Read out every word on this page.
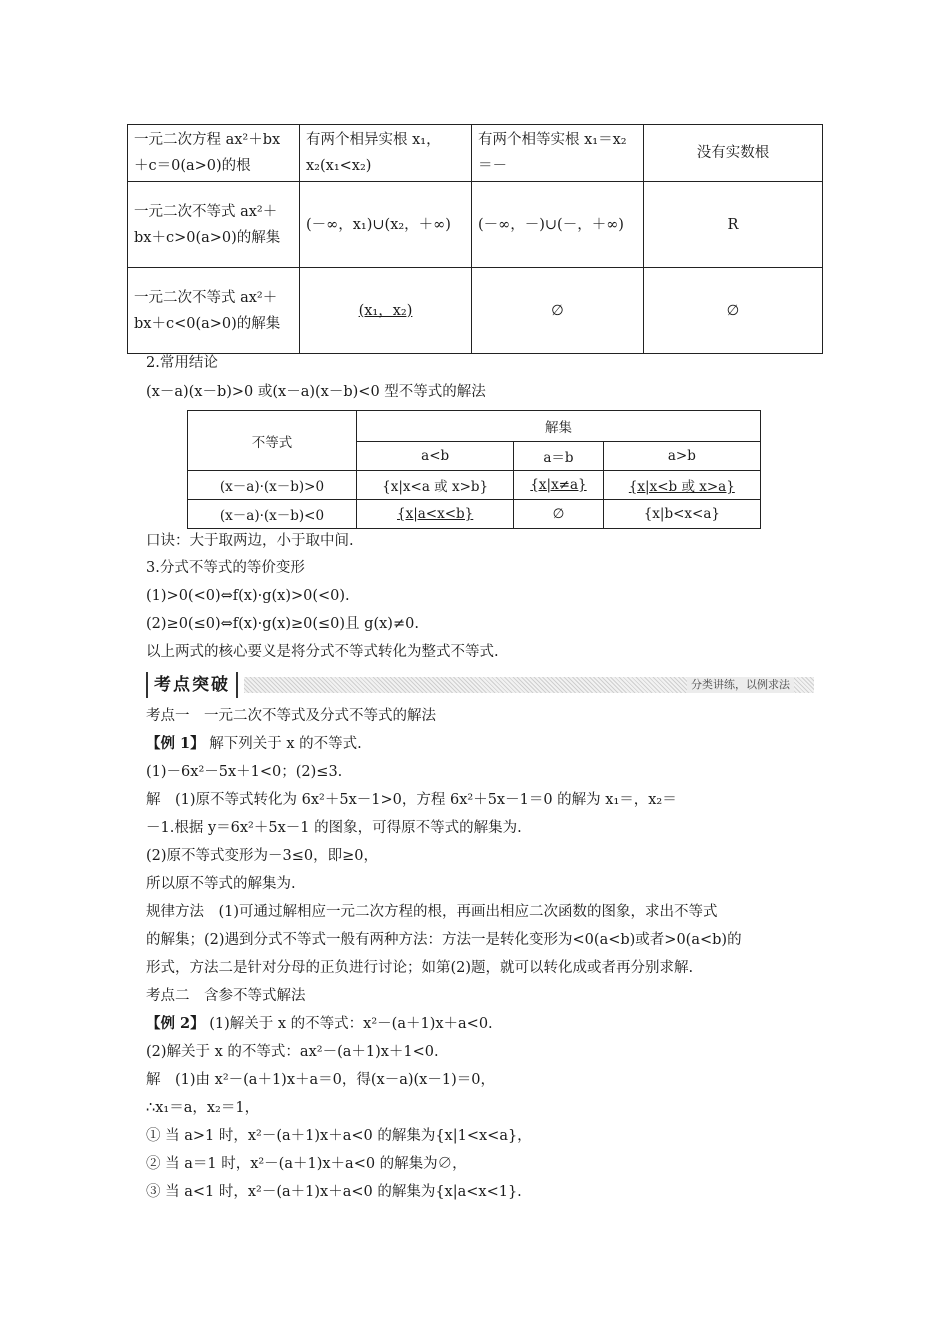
一元二次方程 ax²＋bx＋c＝0(a>0)的根	有两个相异实根 x₁，x₂(x₁<x₂)	有两个相等实根 x₁＝x₂＝－	没有实数根
一元二次不等式 ax²＋bx＋c>0(a>0)的解集	(－∞，x₁)∪(x₂，＋∞)	(－∞，－)∪(－，＋∞)	R
一元二次不等式 ax²＋bx＋c<0(a>0)的解集	(x₁，x₂)	∅	∅
2.常用结论
(x－a)(x－b)>0 或(x－a)(x－b)<0 型不等式的解法
不等式	解集		
	a<b	a＝b	a>b
(x－a)·(x－b)>0	{x|x<a 或 x>b}	{x|x≠a}	{x|x<b 或 x>a}
(x－a)·(x－b)<0	{x|a<x<b}	∅	{x|b<x<a}
口诀：大于取两边，小于取中间.
3.分式不等式的等价变形
(1)>0(<0)⇔f(x)·g(x)>0(<0).
(2)≥0(≤0)⇔f(x)·g(x)≥0(≤0)且 g(x)≠0.
以上两式的核心要义是将分式不等式转化为整式不等式.
考点突破	分类讲练，以例求法
考点一　一元二次不等式及分式不等式的解法
【例 1】 解下列关于 x 的不等式.
(1)－6x²－5x＋1<0；(2)≤3.
解　(1)原不等式转化为 6x²＋5x－1>0，方程 6x²＋5x－1＝0 的解为 x₁＝，x₂＝
－1.根据 y＝6x²＋5x－1 的图象，可得原不等式的解集为.
(2)原不等式变形为－3≤0，即≥0，
所以原不等式的解集为.
规律方法　(1)可通过解相应一元二次方程的根，再画出相应二次函数的图象，求出不等式
的解集；(2)遇到分式不等式一般有两种方法：方法一是转化变形为<0(a<b)或者>0(a<b)的
形式，方法二是针对分母的正负进行讨论；如第(2)题，就可以转化成或者再分别求解.
考点二　含参不等式解法
【例 2】 (1)解关于 x 的不等式：x²－(a＋1)x＋a<0.
(2)解关于 x 的不等式：ax²－(a＋1)x＋1<0.
解　(1)由 x²－(a＋1)x＋a＝0，得(x－a)(x－1)＝0，
∴x₁＝a，x₂＝1，
① 当 a>1 时，x²－(a＋1)x＋a<0 的解集为{x|1<x<a}，
② 当 a＝1 时，x²－(a＋1)x＋a<0 的解集为∅，
③ 当 a<1 时，x²－(a＋1)x＋a<0 的解集为{x|a<x<1}.
